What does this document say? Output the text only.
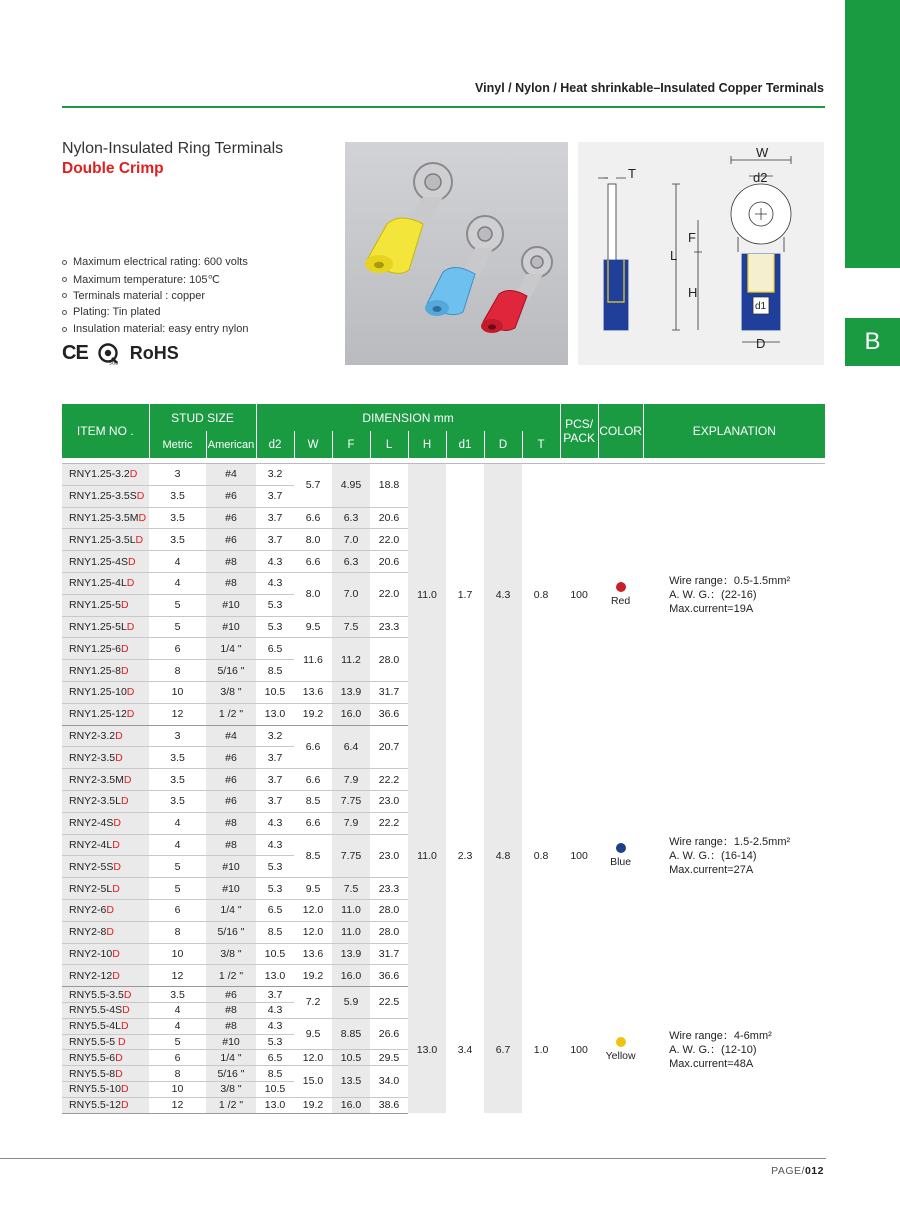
B
Vinyl / Nylon / Heat shrinkable–Insulated Copper Terminals
Nylon-Insulated Ring Terminals
Double Crimp
Maximum electrical rating: 600 volts
Maximum temperature: 105℃
Terminals material : copper
Plating: Tin plated
Insulation material: easy entry nylon
CE	SGS
RoHS
W
d2
T
F
L
H
d1
D
ITEM NO .	STUD SIZE		DIMENSION mm								PCS/
PACK	COLOR	EXPLANATION
	Metric	American	d2	W	F	L	H	d1	D	T			

RNY1.25-3.2D	3	#4	3.2	5.7	4.95	18.8	11.0	1.7	4.3	0.8	100	Red	Wire range：0.5-1.5mm²
A. W. G.：(22-16)
Max.current=19A

RNY1.25-3.5SD	3.5	#6	3.7										
RNY1.25-3.5MD	3.5	#6	3.7	6.6	6.3	20.6							
RNY1.25-3.5LD	3.5	#6	3.7	8.0	7.0	22.0							
RNY1.25-4SD	4	#8	4.3	6.6	6.3	20.6							
RNY1.25-4LD	4	#8	4.3	8.0	7.0	22.0							
RNY1.25-5D	5	#10	5.3										
RNY1.25-5LD	5	#10	5.3	9.5	7.5	23.3							
RNY1.25-6D	6	1/4 "	6.5	11.6	11.2	28.0							
RNY1.25-8D	8	5/16 "	8.5										
RNY1.25-10D	10	3/8 "	10.5	13.6	13.9	31.7							
RNY1.25-12D	12	1 /2 "	13.0	19.2	16.0	36.6							
RNY2-3.2D	3	#4	3.2	6.6	6.4	20.7	11.0	2.3	4.8	0.8	100	Blue	Wire range：1.5-2.5mm²
A. W. G.：(16-14)
Max.current=27A

RNY2-3.5D	3.5	#6	3.7										
RNY2-3.5MD	3.5	#6	3.7	6.6	7.9	22.2							
RNY2-3.5LD	3.5	#6	3.7	8.5	7.75	23.0							
RNY2-4SD	4	#8	4.3	6.6	7.9	22.2							
RNY2-4LD	4	#8	4.3	8.5	7.75	23.0							
RNY2-5SD	5	#10	5.3										
RNY2-5LD	5	#10	5.3	9.5	7.5	23.3							
RNY2-6D	6	1/4 "	6.5	12.0	11.0	28.0							
RNY2-8D	8	5/16 "	8.5	12.0	11.0	28.0							
RNY2-10D	10	3/8 "	10.5	13.6	13.9	31.7							
RNY2-12D	12	1 /2 "	13.0	19.2	16.0	36.6							
RNY5.5-3.5D	3.5	#6	3.7	7.2	5.9	22.5	13.0	3.4	6.7	1.0	100	Yellow	Wire range：4-6mm²
A. W. G.：(12-10)
Max.current=48A

RNY5.5-4SD	4	#8	4.3										
RNY5.5-4LD	4	#8	4.3	9.5	8.85	26.6							
RNY5.5-5 D	5	#10	5.3										
RNY5.5-6D	6	1/4 "	6.5	12.0	10.5	29.5							
RNY5.5-8D	8	5/16 "	8.5	15.0	13.5	34.0							
RNY5.5-10D	10	3/8 "	10.5										
RNY5.5-12D	12	1 /2 "	13.0	19.2	16.0	38.6							
PAGE/012
